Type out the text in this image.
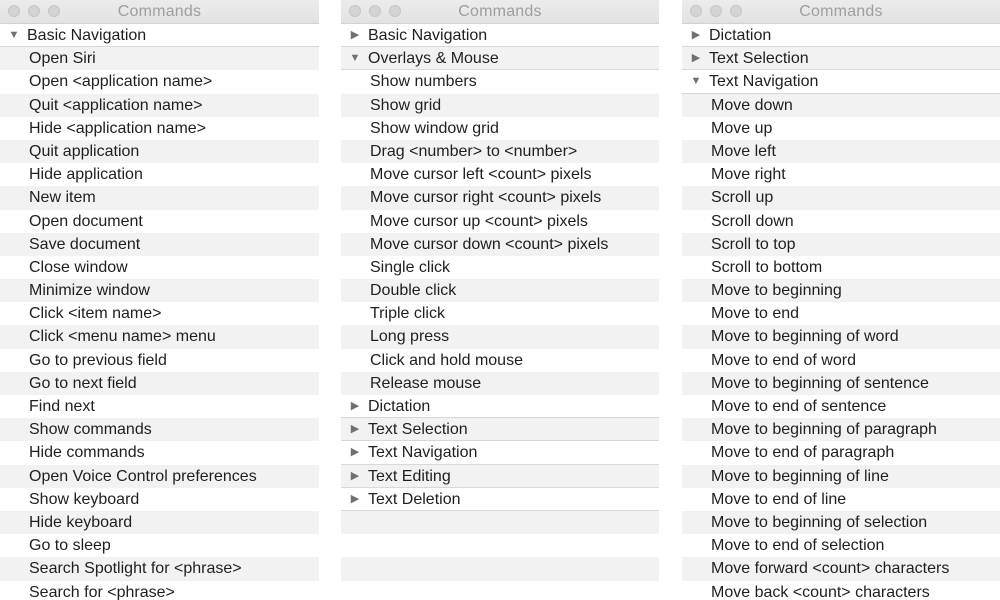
Commands
▼ Basic Navigation
Open Siri
Open <application name>
Quit <application name>
Hide <application name>
Quit application
Hide application
New item
Open document
Save document
Close window
Minimize window
Click <item name>
Click <menu name> menu
Go to previous field
Go to next field
Find next
Show commands
Hide commands
Open Voice Control preferences
Show keyboard
Hide keyboard
Go to sleep
Search Spotlight for <phrase>
Search for <phrase>
Commands
▶ Basic Navigation
▼ Overlays & Mouse
Show numbers
Show grid
Show window grid
Drag <number> to <number>
Move cursor left <count> pixels
Move cursor right <count> pixels
Move cursor up <count> pixels
Move cursor down <count> pixels
Single click
Double click
Triple click
Long press
Click and hold mouse
Release mouse
▶ Dictation
▶ Text Selection
▶ Text Navigation
▶ Text Editing
▶ Text Deletion
Commands
▶ Dictation
▶ Text Selection
▼ Text Navigation
Move down
Move up
Move left
Move right
Scroll up
Scroll down
Scroll to top
Scroll to bottom
Move to beginning
Move to end
Move to beginning of word
Move to end of word
Move to beginning of sentence
Move to end of sentence
Move to beginning of paragraph
Move to end of paragraph
Move to beginning of line
Move to end of line
Move to beginning of selection
Move to end of selection
Move forward <count> characters
Move back <count> characters
